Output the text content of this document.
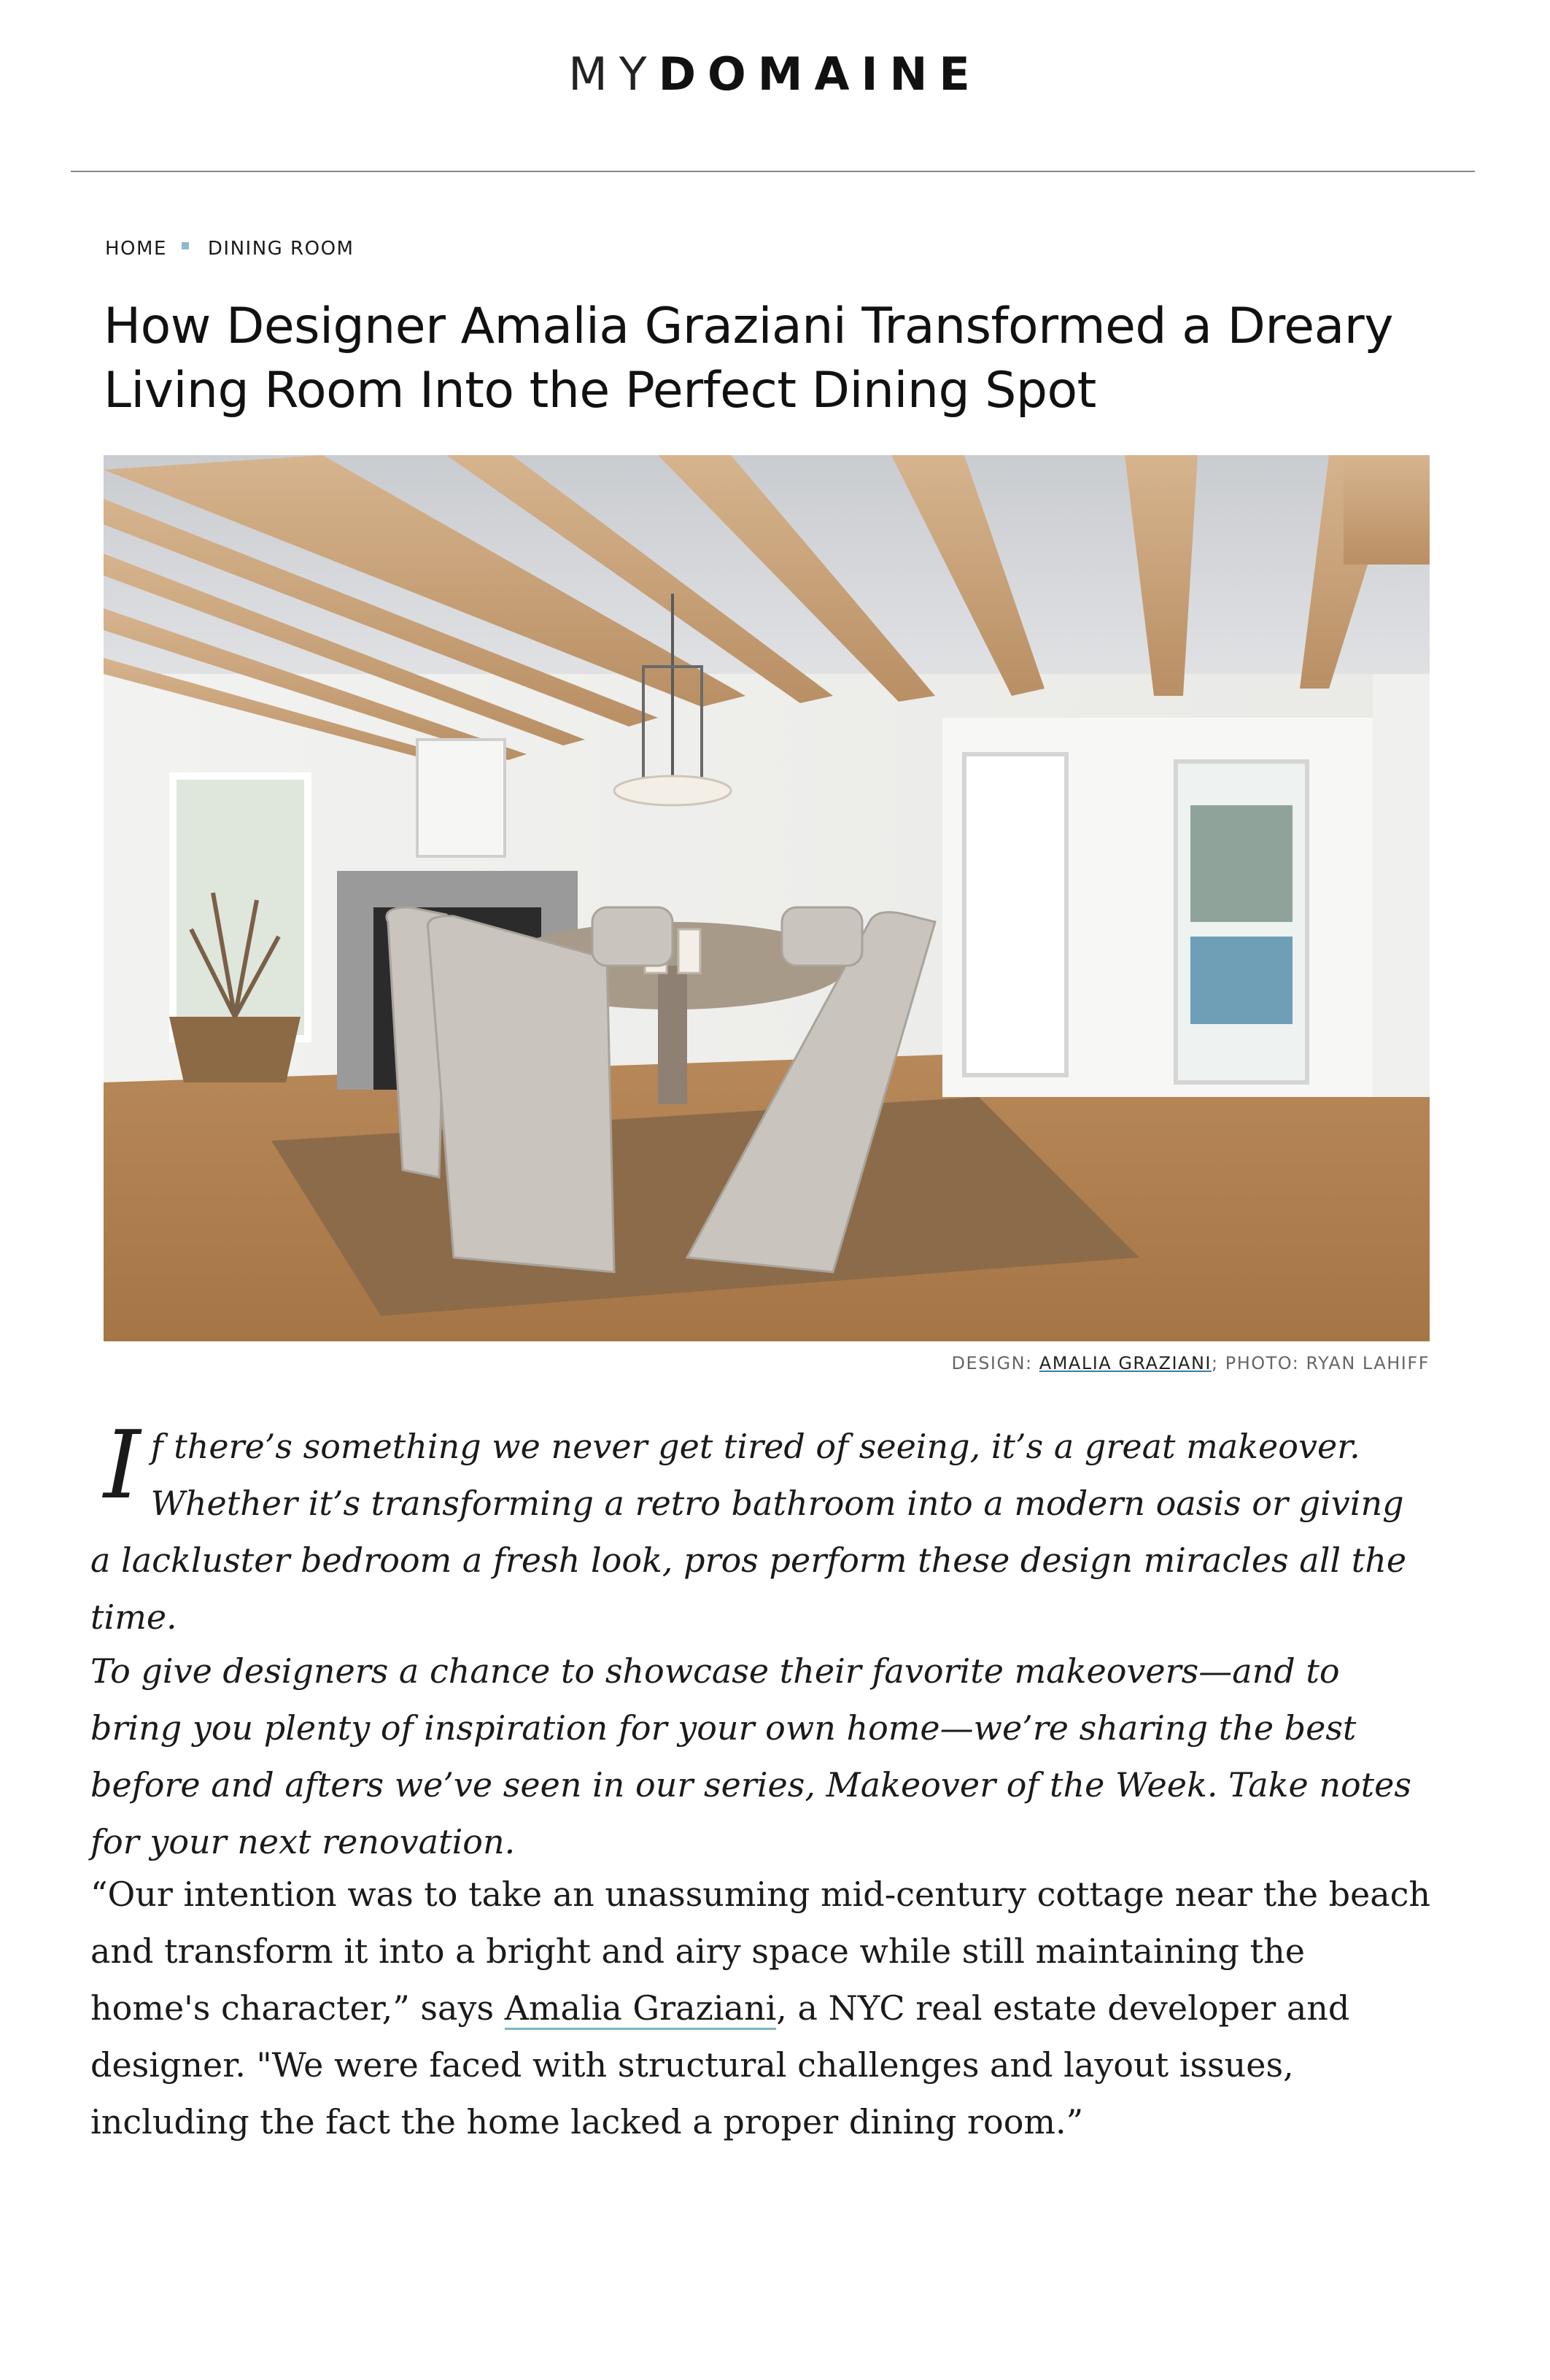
MYDOMAINE
HOME DINING ROOM
How Designer Amalia Graziani Transformed a Dreary Living Room Into the Perfect Dining Spot
DESIGN: AMALIA GRAZIANI; PHOTO: RYAN LAHIFF
If there’s something we never get tired of seeing, it’s a great makeover. Whether it’s transforming a retro bathroom into a modern oasis or giving a lackluster bedroom a fresh look, pros perform these design miracles all the time.

To give designers a chance to showcase their favorite makeovers—and to bring you plenty of inspiration for your own home—we’re sharing the best before and afters we’ve seen in our series, Makeover of the Week. Take notes for your next renovation.

“Our intention was to take an unassuming mid-century cottage near the beach and transform it into a bright and airy space while still maintaining the home's character,” says Amalia Graziani, a NYC real estate developer and designer. "We were faced with structural challenges and layout issues, including the fact the home lacked a proper dining room.”
